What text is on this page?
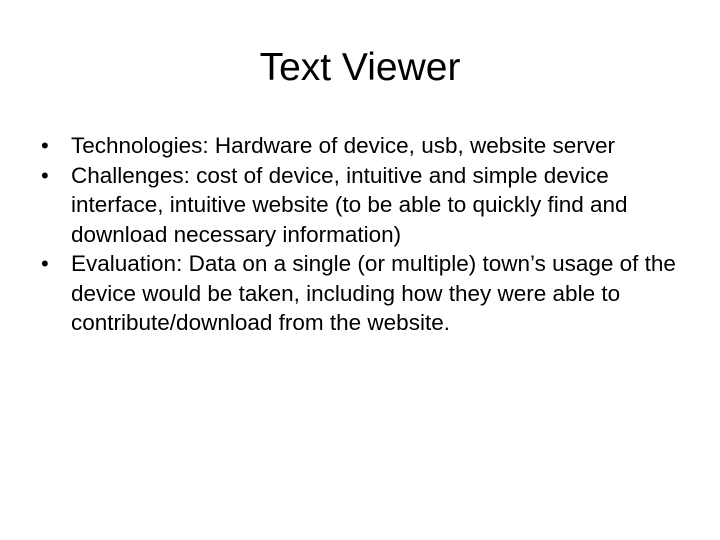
Text Viewer
• Technologies: Hardware of device, usb, website server
• Challenges: cost of device, intuitive and simple device interface, intuitive website (to be able to quickly find and download necessary information)
• Evaluation: Data on a single (or multiple) town’s usage of the device would be taken, including how they were able to contribute/download from the website.
